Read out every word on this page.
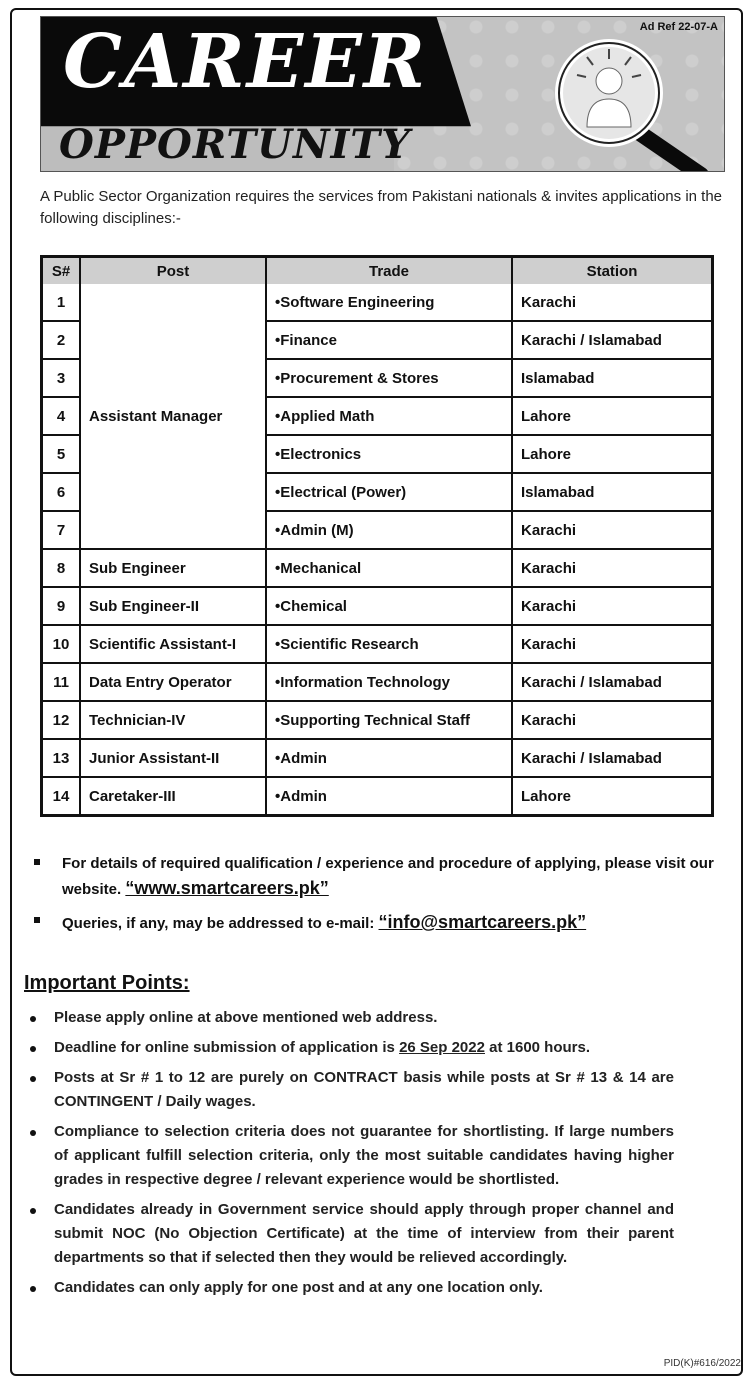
CAREER
OPPORTUNITY
Ad Ref 22-07-A
A Public Sector Organization requires the services from Pakistani nationals & invites applications in the following disciplines:-
S#	Post	Trade	Station
1	Assistant Manager	• Software Engineering	Karachi
2		• Finance	Karachi / Islamabad
3		• Procurement & Stores	Islamabad
4		• Applied Math	Lahore
5		• Electronics	Lahore
6		• Electrical (Power)	Islamabad
7		• Admin (M)	Karachi
8	Sub Engineer	• Mechanical	Karachi
9	Sub Engineer-II	• Chemical	Karachi
10	Scientific Assistant-I	• Scientific Research	Karachi
11	Data Entry Operator	• Information Technology	Karachi / Islamabad
12	Technician-IV	• Supporting Technical Staff	Karachi
13	Junior Assistant-II	• Admin	Karachi / Islamabad
14	Caretaker-III	• Admin	Lahore
For details of required qualification / experience and procedure of applying, please visit our website. “www.smartcareers.pk”
Queries, if any, may be addressed to e-mail: “info@smartcareers.pk”
Important Points:
Please apply online at above mentioned web address.
Deadline for online submission of application is 26 Sep 2022 at 1600 hours.
Posts at Sr # 1 to 12 are purely on CONTRACT basis while posts at Sr # 13 & 14 are CONTINGENT / Daily wages.
Compliance to selection criteria does not guarantee for shortlisting. If large numbers of applicant fulfill selection criteria, only the most suitable candidates having higher grades in respective degree / relevant experience would be shortlisted.
Candidates already in Government service should apply through proper channel and submit NOC (No Objection Certificate) at the time of interview from their parent departments so that if selected then they would be relieved accordingly.
Candidates can only apply for one post and at any one location only.
PID(K)#616/2022
